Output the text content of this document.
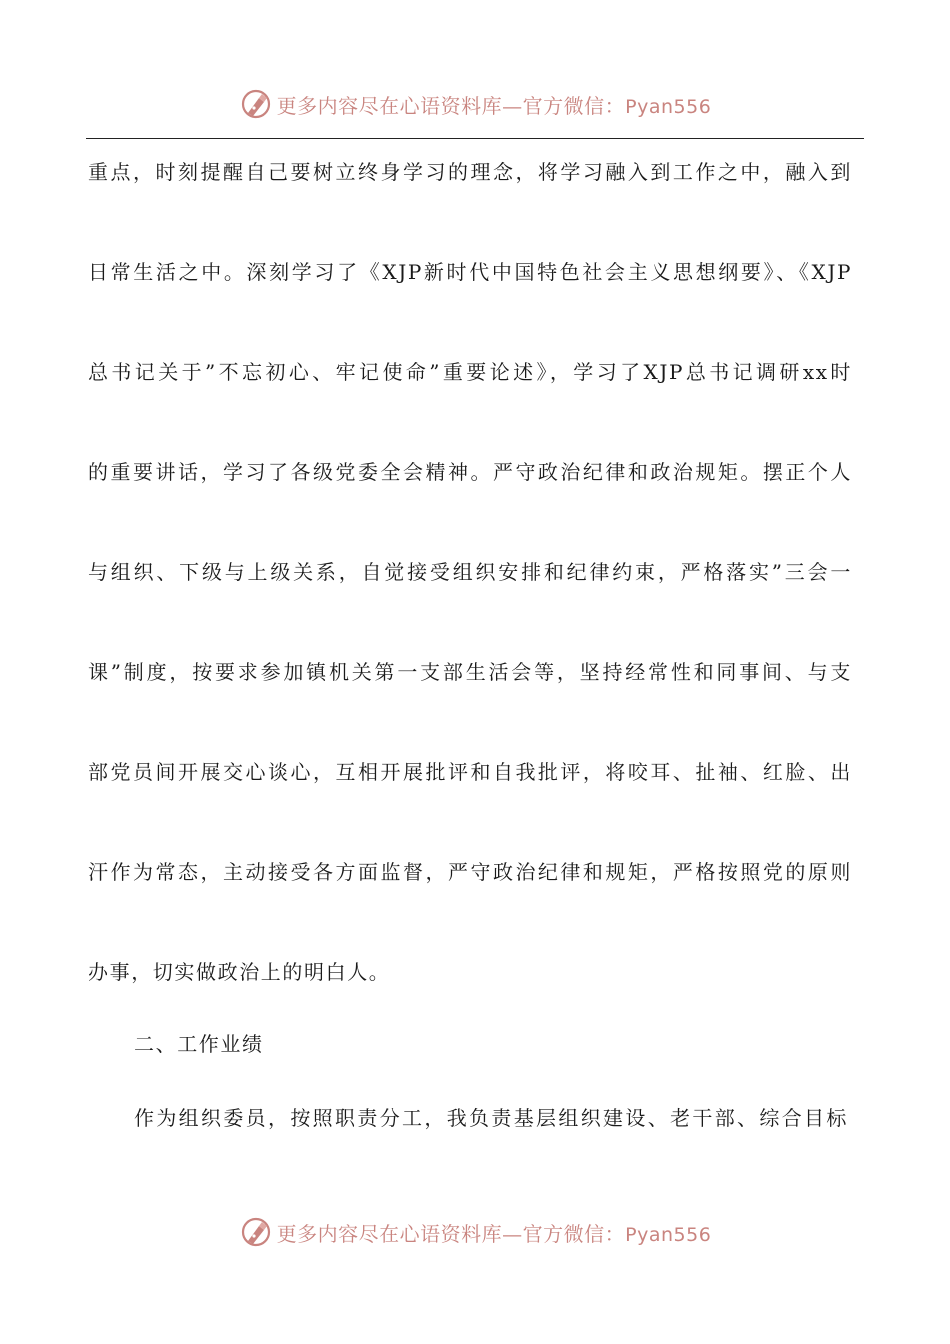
更多内容尽在心语资料库—官方微信：Pyan556
重点，时刻提醒自己要树立终身学习的理念，将学习融入到工作之中，融入到
日常生活之中。深刻学习了《XJP新时代中国特色社会主义思想纲要》、《XJP
总书记关于”不忘初心、牢记使命”重要论述》，学习了XJP总书记调研xx时
的重要讲话，学习了各级党委全会精神。严守政治纪律和政治规矩。摆正个人
与组织、下级与上级关系，自觉接受组织安排和纪律约束，严格落实”三会一
课”制度，按要求参加镇机关第一支部生活会等，坚持经常性和同事间、与支
部党员间开展交心谈心，互相开展批评和自我批评，将咬耳、扯袖、红脸、出
汗作为常态，主动接受各方面监督，严守政治纪律和规矩，严格按照党的原则
办事，切实做政治上的明白人。
二、工作业绩
作为组织委员，按照职责分工，我负责基层组织建设、老干部、综合目标
更多内容尽在心语资料库—官方微信：Pyan556
